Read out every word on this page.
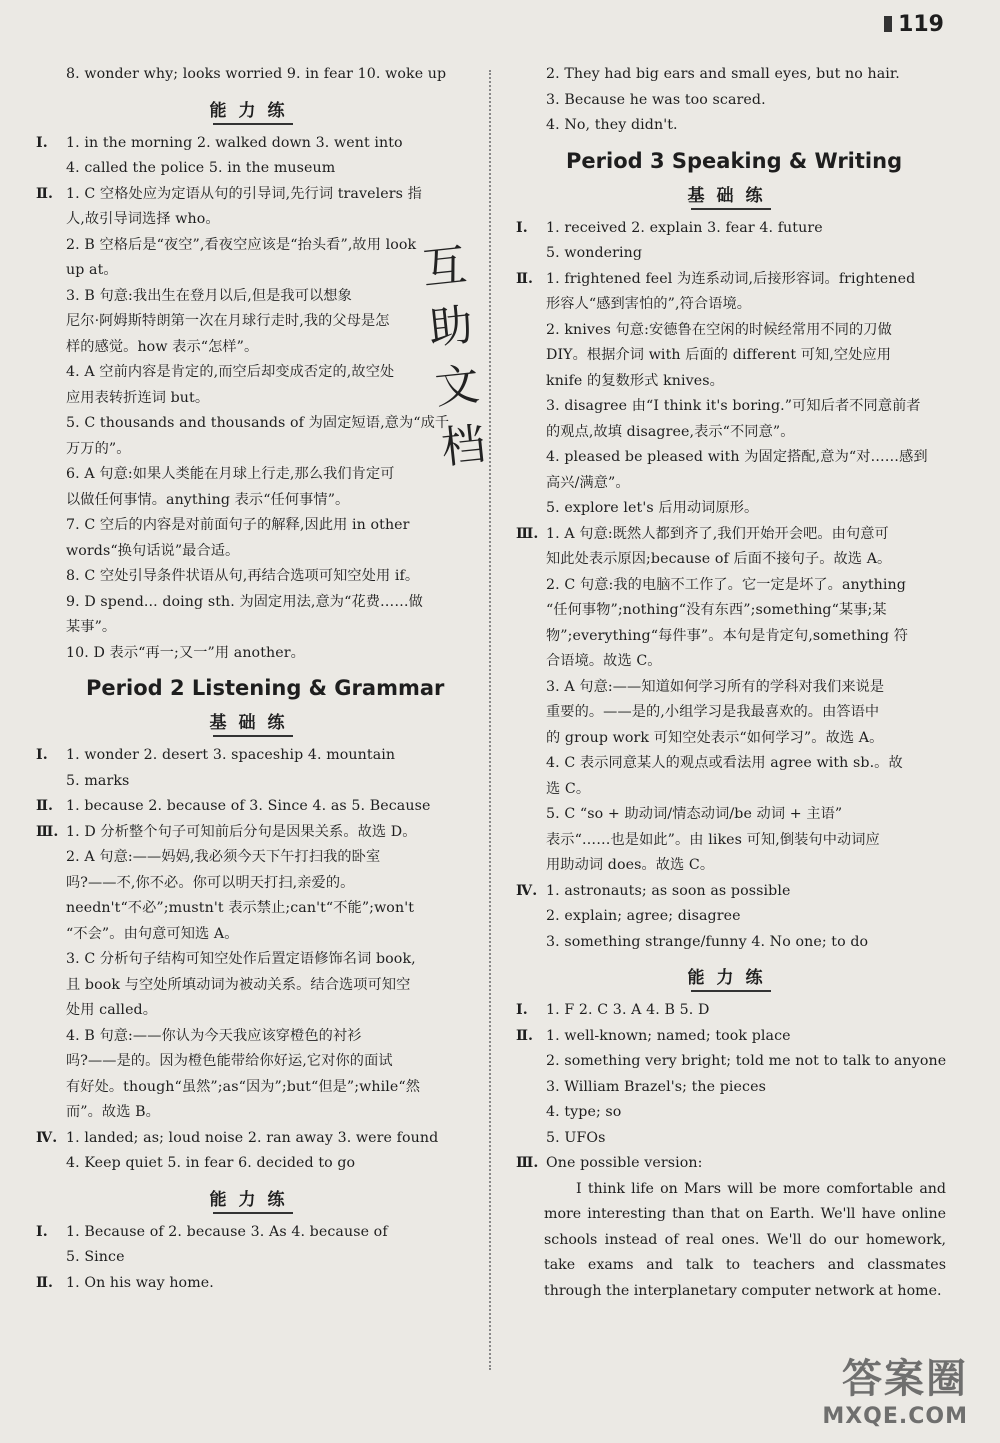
119
8. wonder why; looks worried 9. in fear 10. woke up
能力练
Ⅰ. 1. in the morning 2. walked down 3. went into
4. called the police 5. in the museum
Ⅱ. 1. C 空格处应为定语从句的引导词,先行词 travelers 指
人,故引导词选择 who。
2. B 空格后是“夜空”,看夜空应该是“抬头看”,故用 look
up at。
3. B 句意:我出生在登月以后,但是我可以想象
尼尔·阿姆斯特朗第一次在月球行走时,我的父母是怎
样的感觉。how 表示“怎样”。
4. A 空前内容是肯定的,而空后却变成否定的,故空处
应用表转折连词 but。
5. C thousands and thousands of 为固定短语,意为“成千
万万的”。
6. A 句意:如果人类能在月球上行走,那么我们肯定可
以做任何事情。anything 表示“任何事情”。
7. C 空后的内容是对前面句子的解释,因此用 in other
words“换句话说”最合适。
8. C 空处引导条件状语从句,再结合选项可知空处用 if。
9. D spend... doing sth. 为固定用法,意为“花费……做
某事”。
10. D 表示“再一;又一”用 another。
Period 2 Listening & Grammar
基础练
Ⅰ. 1. wonder 2. desert 3. spaceship 4. mountain
5. marks
Ⅱ. 1. because 2. because of 3. Since 4. as 5. Because
Ⅲ. 1. D 分析整个句子可知前后分句是因果关系。故选 D。
2. A 句意:——妈妈,我必须今天下午打扫我的卧室
吗?——不,你不必。你可以明天打扫,亲爱的。
needn't“不必”;mustn't 表示禁止;can't“不能”;won't
“不会”。由句意可知选 A。
3. C 分析句子结构可知空处作后置定语修饰名词 book,
且 book 与空处所填动词为被动关系。结合选项可知空
处用 called。
4. B 句意:——你认为今天我应该穿橙色的衬衫
吗?——是的。因为橙色能带给你好运,它对你的面试
有好处。though“虽然”;as“因为”;but“但是”;while“然
而”。故选 B。
Ⅳ. 1. landed; as; loud noise 2. ran away 3. were found
4. Keep quiet 5. in fear 6. decided to go
能力练
Ⅰ. 1. Because of 2. because 3. As 4. because of
5. Since
Ⅱ. 1. On his way home.
2. They had big ears and small eyes, but no hair.
3. Because he was too scared.
4. No, they didn't.
Period 3 Speaking & Writing
基础练
Ⅰ. 1. received 2. explain 3. fear 4. future
5. wondering
Ⅱ. 1. frightened feel 为连系动词,后接形容词。frightened
形容人“感到害怕的”,符合语境。
2. knives 句意:安德鲁在空闲的时候经常用不同的刀做
DIY。根据介词 with 后面的 different 可知,空处应用
knife 的复数形式 knives。
3. disagree 由“I think it's boring.”可知后者不同意前者
的观点,故填 disagree,表示“不同意”。
4. pleased be pleased with 为固定搭配,意为“对……感到
高兴/满意”。
5. explore let's 后用动词原形。
Ⅲ. 1. A 句意:既然人都到齐了,我们开始开会吧。由句意可
知此处表示原因;because of 后面不接句子。故选 A。
2. C 句意:我的电脑不工作了。它一定是坏了。anything
“任何事物”;nothing“没有东西”;something“某事;某
物”;everything“每件事”。本句是肯定句,something 符
合语境。故选 C。
3. A 句意:——知道如何学习所有的学科对我们来说是
重要的。——是的,小组学习是我最喜欢的。由答语中
的 group work 可知空处表示“如何学习”。故选 A。
4. C 表示同意某人的观点或看法用 agree with sb.。故
选 C。
5. C “so + 助动词/情态动词/be 动词 + 主语”
表示“……也是如此”。由 likes 可知,倒装句中动词应
用助动词 does。故选 C。
Ⅳ. 1. astronauts; as soon as possible
2. explain; agree; disagree
3. something strange/funny 4. No one; to do
能力练
Ⅰ. 1. F 2. C 3. A 4. B 5. D
Ⅱ. 1. well-known; named; took place
2. something very bright; told me not to talk to anyone
3. William Brazel's; the pieces
4. type; so
5. UFOs
Ⅲ. One possible version:
I think life on Mars will be more comfortable and more interesting than that on Earth. We'll have online schools instead of real ones. We'll do our homework, take exams and talk to teachers and classmates through the interplanetary computer network at home.
互
助
文
档
答案圈
MXQE.COM
